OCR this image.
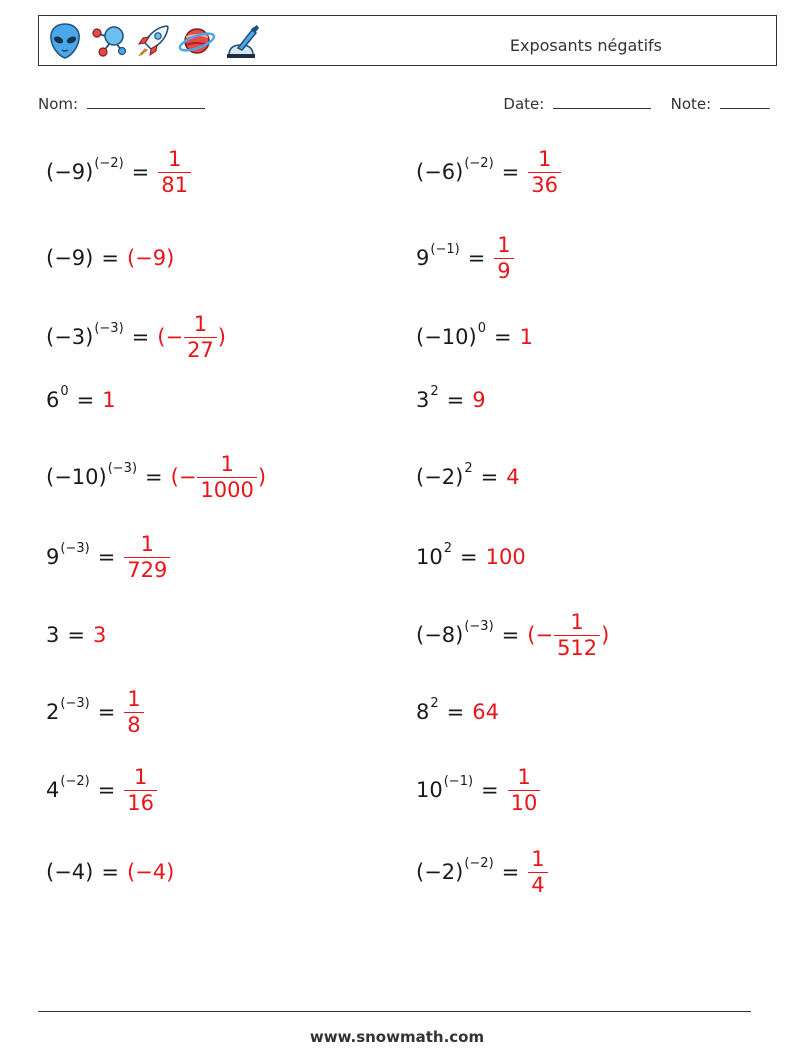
Exposants négatifs
Nom:	Date:	Note:
$(-9)^{(-2)} = \frac{1}{81}$	$(-6)^{(-2)} = \frac{1}{36}$
(−9) = (−9)	$9^{(-1)} = \frac{1}{9}$
$(-3)^{(-3)}$ = (− $\frac{1}{27}$ )	$(-10)^0 = 1$
$6^0 = 1$	$3^2 = 9$
$(-10)^{(-3)}$ = (− $\frac{1}{1000}$ )	$(-2)^2 = 4$
$9^{(-3)} = \frac{1}{729}$	$10^2 = 100$
3 = 3	$(-8)^{(-3)}$ = (− $\frac{1}{512}$ )
$2^{(-3)} = \frac{1}{8}$	$8^2 = 64$
$4^{(-2)} = \frac{1}{16}$	$10^{(-1)} = \frac{1}{10}$
(−4) = (−4)	$(-2)^{(-2)} = \frac{1}{4}$
www.snowmath.com
